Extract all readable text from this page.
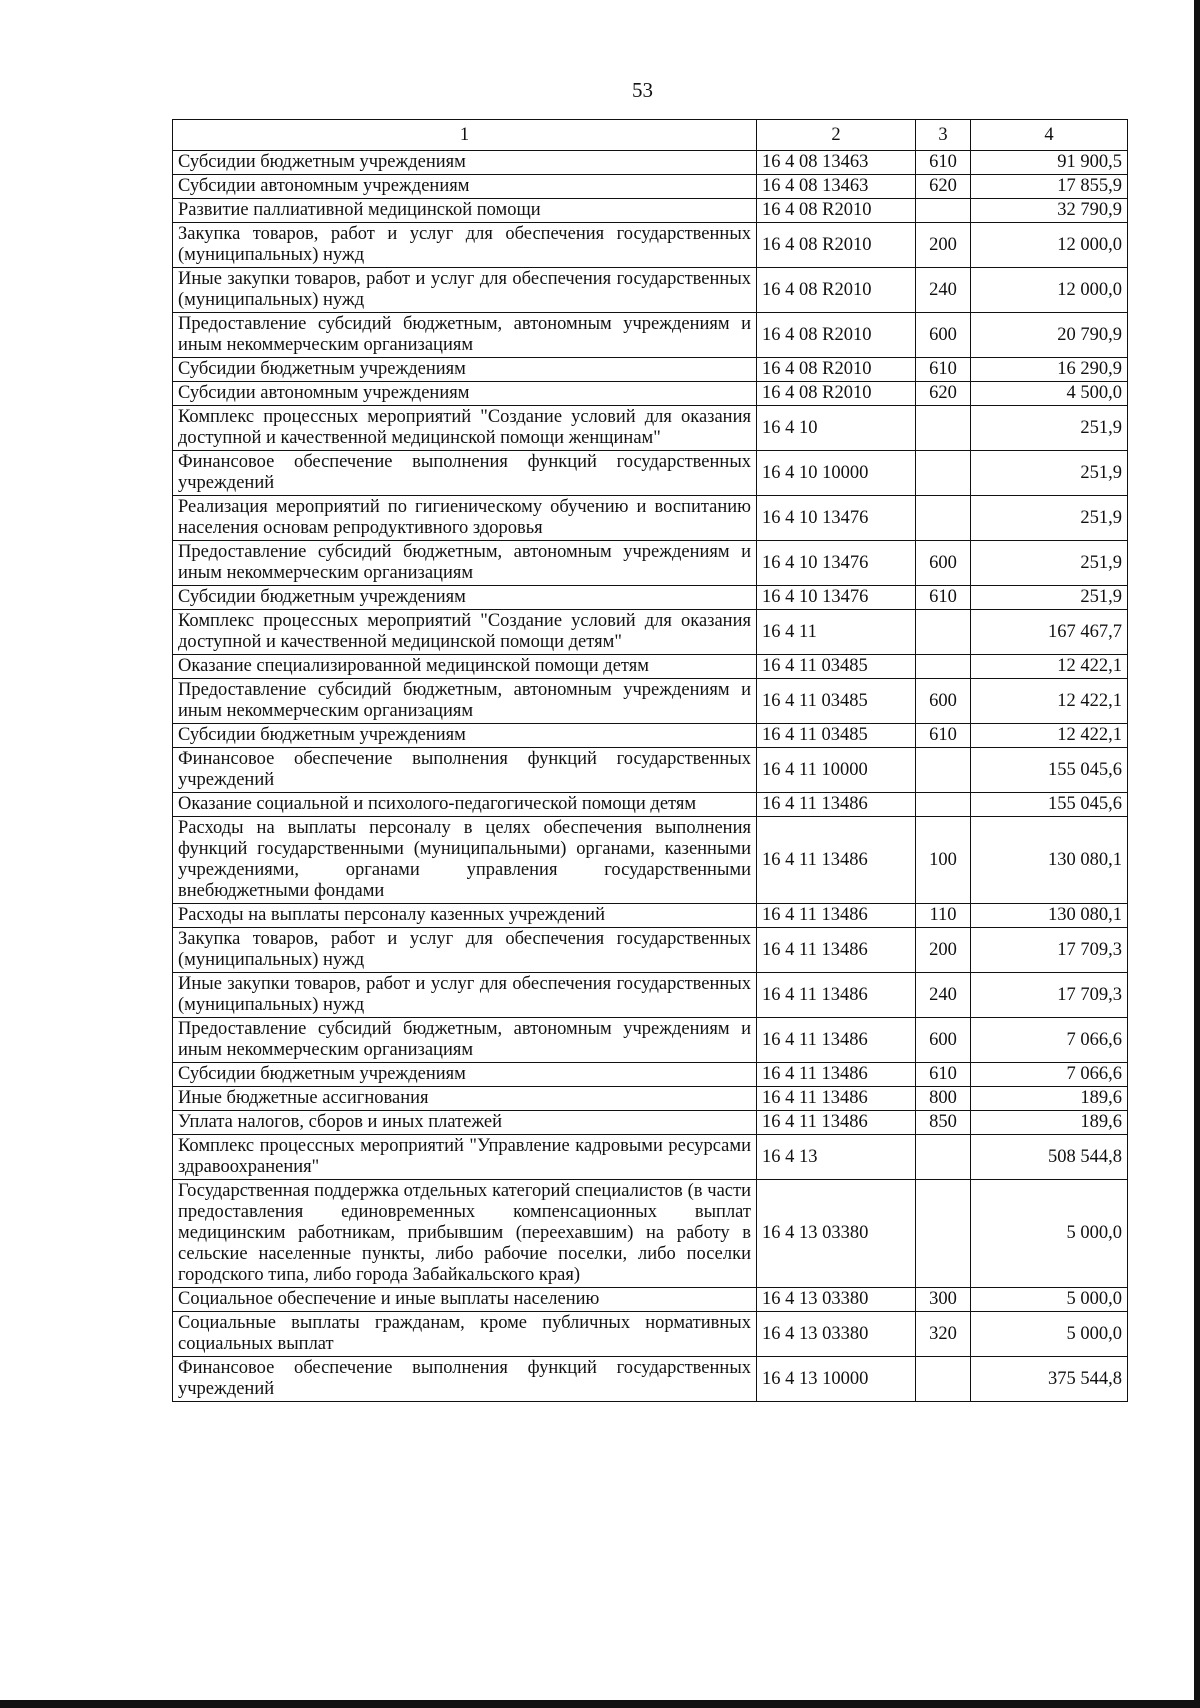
53
1	2	3	4
Субсидии бюджетным учреждениям	16 4 08 13463	610	91 900,5
Субсидии автономным учреждениям	16 4 08 13463	620	17 855,9
Развитие паллиативной медицинской помощи	16 4 08 R2010		32 790,9
Закупка товаров, работ и услуг для обеспечения государственных (муниципальных) нужд	16 4 08 R2010	200	12 000,0
Иные закупки товаров, работ и услуг для обеспечения государственных (муниципальных) нужд	16 4 08 R2010	240	12 000,0
Предоставление субсидий бюджетным, автономным учреждениям и иным некоммерческим организациям	16 4 08 R2010	600	20 790,9
Субсидии бюджетным учреждениям	16 4 08 R2010	610	16 290,9
Субсидии автономным учреждениям	16 4 08 R2010	620	4 500,0
Комплекс процессных мероприятий "Создание условий для оказания доступной и качественной медицинской помощи женщинам"	16 4 10		251,9
Финансовое обеспечение выполнения функций государственных учреждений	16 4 10 10000		251,9
Реализация мероприятий по гигиеническому обучению и воспитанию населения основам репродуктивного здоровья	16 4 10 13476		251,9
Предоставление субсидий бюджетным, автономным учреждениям и иным некоммерческим организациям	16 4 10 13476	600	251,9
Субсидии бюджетным учреждениям	16 4 10 13476	610	251,9
Комплекс процессных мероприятий "Создание условий для оказания доступной и качественной медицинской помощи детям"	16 4 11		167 467,7
Оказание специализированной медицинской помощи детям	16 4 11 03485		12 422,1
Предоставление субсидий бюджетным, автономным учреждениям и иным некоммерческим организациям	16 4 11 03485	600	12 422,1
Субсидии бюджетным учреждениям	16 4 11 03485	610	12 422,1
Финансовое обеспечение выполнения функций государственных учреждений	16 4 11 10000		155 045,6
Оказание социальной и психолого-педагогической помощи детям	16 4 11 13486		155 045,6
Расходы на выплаты персоналу в целях обеспечения выполнения функций государственными (муниципальными) органами, казенными учреждениями, органами управления государственными внебюджетными фондами	16 4 11 13486	100	130 080,1
Расходы на выплаты персоналу казенных учреждений	16 4 11 13486	110	130 080,1
Закупка товаров, работ и услуг для обеспечения государственных (муниципальных) нужд	16 4 11 13486	200	17 709,3
Иные закупки товаров, работ и услуг для обеспечения государственных (муниципальных) нужд	16 4 11 13486	240	17 709,3
Предоставление субсидий бюджетным, автономным учреждениям и иным некоммерческим организациям	16 4 11 13486	600	7 066,6
Субсидии бюджетным учреждениям	16 4 11 13486	610	7 066,6
Иные бюджетные ассигнования	16 4 11 13486	800	189,6
Уплата налогов, сборов и иных платежей	16 4 11 13486	850	189,6
Комплекс процессных мероприятий "Управление кадровыми ресурсами здравоохранения"	16 4 13		508 544,8
Государственная поддержка отдельных категорий специалистов (в части предоставления единовременных компенсационных выплат медицинским работникам, прибывшим (переехавшим) на работу в сельские населенные пункты, либо рабочие поселки, либо поселки городского типа, либо города Забайкальского края)	16 4 13 03380		5 000,0
Социальное обеспечение и иные выплаты населению	16 4 13 03380	300	5 000,0
Социальные выплаты гражданам, кроме публичных нормативных социальных выплат	16 4 13 03380	320	5 000,0
Финансовое обеспечение выполнения функций государственных учреждений	16 4 13 10000		375 544,8
